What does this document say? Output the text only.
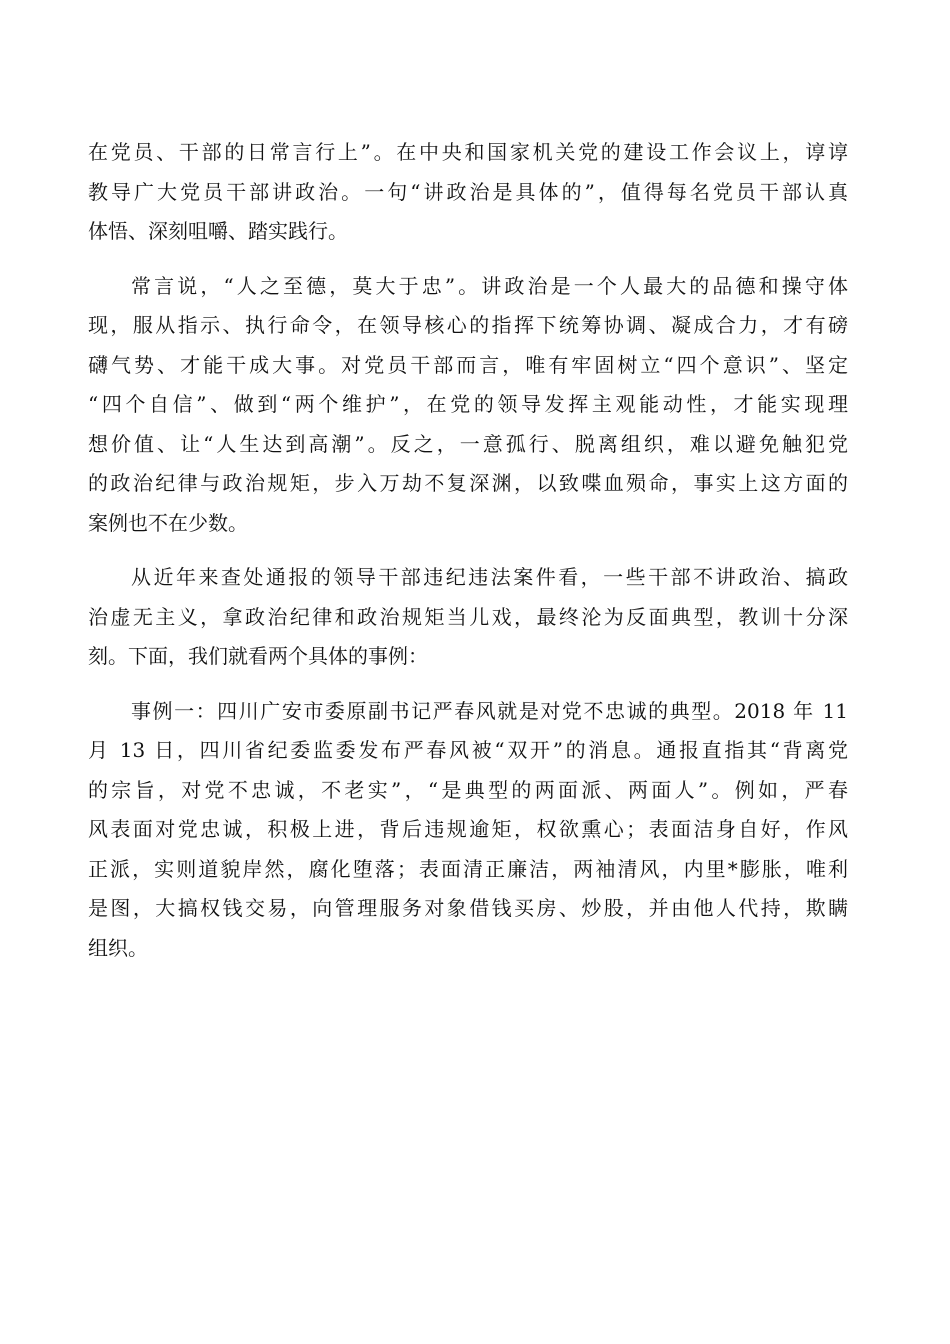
在党员、干部的日常言行上”。在中央和国家机关党的建设工作会议上，谆谆

教导广大党员干部讲政治。一句“讲政治是具体的”，值得每名党员干部认真

体悟、深刻咀嚼、踏实践行。

常言说，“人之至德，莫大于忠”。讲政治是一个人最大的品德和操守体

现，服从指示、执行命令，在领导核心的指挥下统筹协调、凝成合力，才有磅

礴气势、才能干成大事。对党员干部而言，唯有牢固树立“四个意识”、坚定

“四个自信”、做到“两个维护”，在党的领导发挥主观能动性，才能实现理

想价值、让“人生达到高潮”。反之，一意孤行、脱离组织，难以避免触犯党

的政治纪律与政治规矩，步入万劫不复深渊，以致喋血殒命，事实上这方面的

案例也不在少数。

从近年来查处通报的领导干部违纪违法案件看，一些干部不讲政治、搞政

治虚无主义，拿政治纪律和政治规矩当儿戏，最终沦为反面典型，教训十分深

刻。下面，我们就看两个具体的事例：

事例一：四川广安市委原副书记严春风就是对党不忠诚的典型。2018 年 11

月 13 日，四川省纪委监委发布严春风被“双开”的消息。通报直指其“背离党

的宗旨，对党不忠诚，不老实”，“是典型的两面派、两面人”。例如，严春

风表面对党忠诚，积极上进，背后违规逾矩，权欲熏心；表面洁身自好，作风

正派，实则道貌岸然，腐化堕落；表面清正廉洁，两袖清风，内里*膨胀，唯利

是图，大搞权钱交易，向管理服务对象借钱买房、炒股，并由他人代持，欺瞒

组织。
